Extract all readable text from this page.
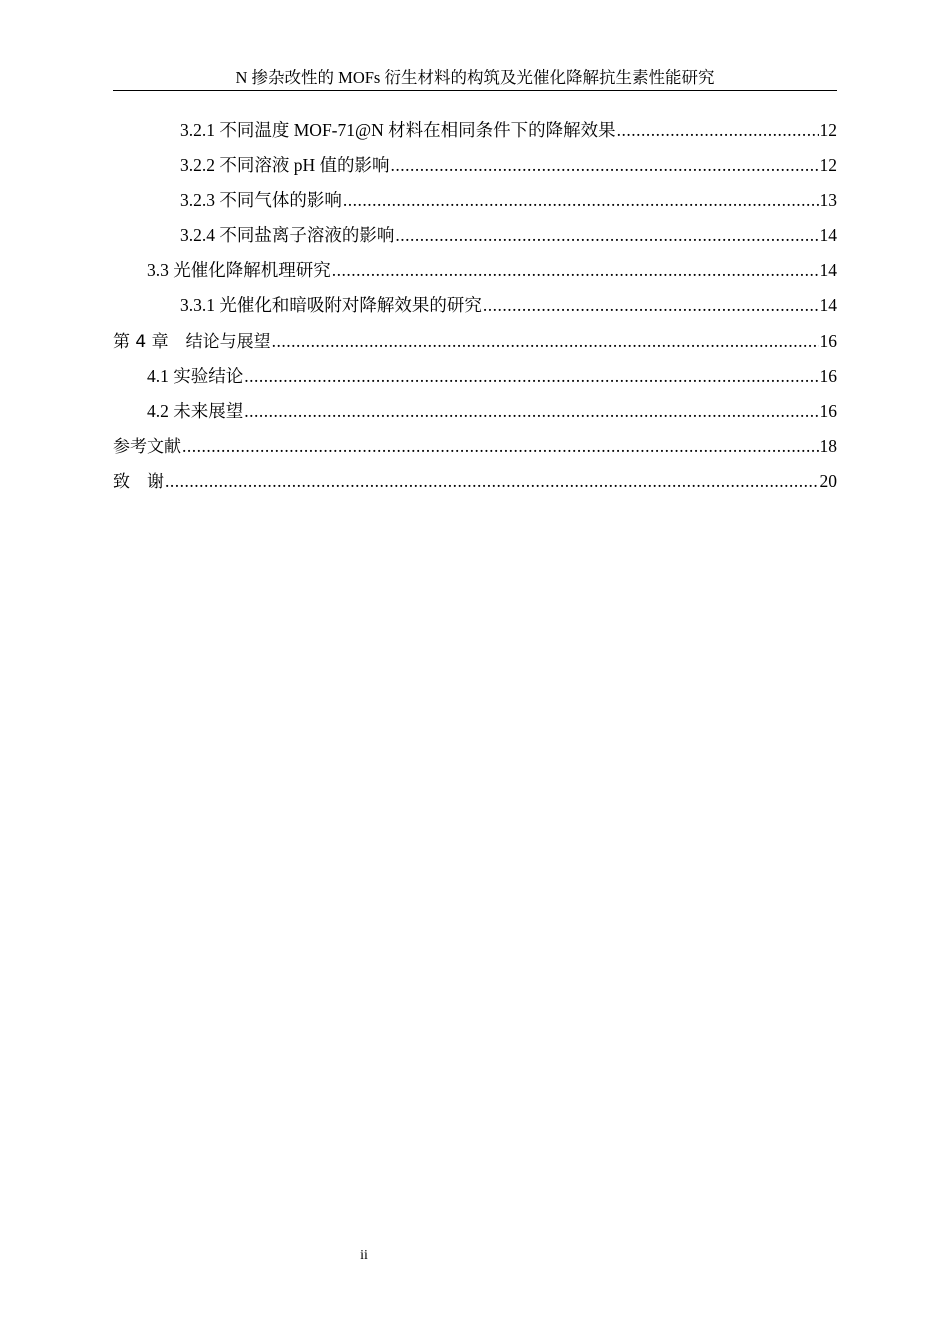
N 掺杂改性的 MOFs 衍生材料的构筑及光催化降解抗生素性能研究
3.2.1 不同温度 MOF-71@N 材料在相同条件下的降解效果 .....	12
3.2.2 不同溶液 pH 值的影响 .....	12
3.2.3 不同气体的影响 .....	13
3.2.4 不同盐离子溶液的影响 .....	14
3.3 光催化降解机理研究 .....	14
3.3.1 光催化和暗吸附对降解效果的研究 .....	14
第 4 章　结论与展望 .....	16
4.1 实验结论 .....	16
4.2 未来展望 .....	16
参考文献 .....	18
致　谢 .....	20
ii
